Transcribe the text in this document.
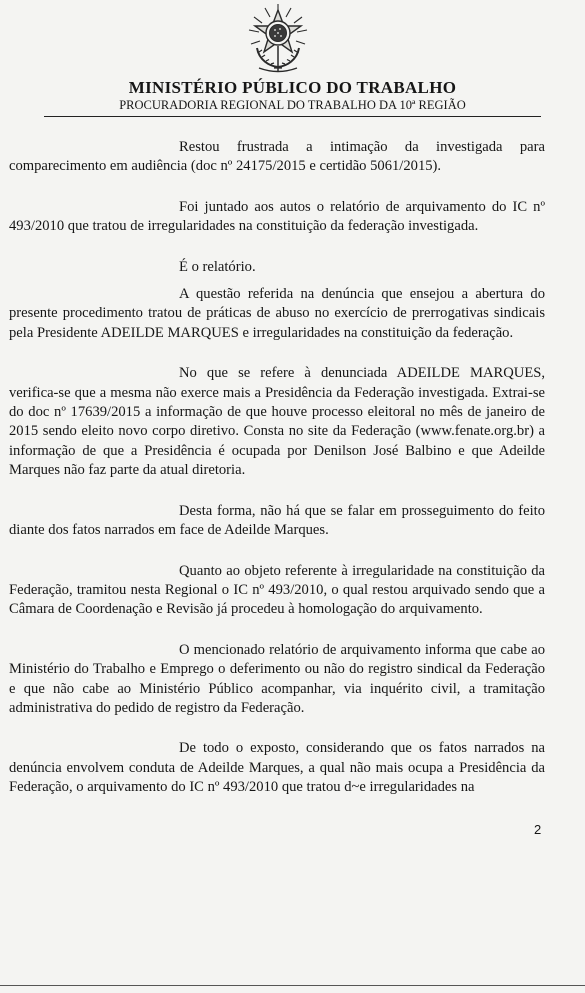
MINISTÉRIO PÚBLICO DO TRABALHO
PROCURADORIA REGIONAL DO TRABALHO DA 10ª REGIÃO

Restou frustrada a intimação da investigada para comparecimento em audiência (doc nº 24175/2015 e certidão 5061/2015).

Foi juntado aos autos o relatório de arquivamento do IC nº 493/2010 que tratou de irregularidades na constituição da federação investigada.

É o relatório.

A questão referida na denúncia que ensejou a abertura do presente procedimento tratou de práticas de abuso no exercício de prerrogativas sindicais pela Presidente ADEILDE MARQUES e irregularidades na constituição da federação.

No que se refere à denunciada ADEILDE MARQUES, verifica-se que a mesma não exerce mais a Presidência da Federação investigada. Extrai-se do doc nº 17639/2015 a informação de que houve processo eleitoral no mês de janeiro de 2015 sendo eleito novo corpo diretivo. Consta no site da Federação (www.fenate.org.br) a informação de que a Presidência é ocupada por Denilson José Balbino e que Adeilde Marques não faz parte da atual diretoria.

Desta forma, não há que se falar em prosseguimento do feito diante dos fatos narrados em face de Adeilde Marques.

Quanto ao objeto referente à irregularidade na constituição da Federação, tramitou nesta Regional o IC nº 493/2010, o qual restou arquivado sendo que a Câmara de Coordenação e Revisão já procedeu à homologação do arquivamento.

O mencionado relatório de arquivamento informa que cabe ao Ministério do Trabalho e Emprego o deferimento ou não do registro sindical da Federação e que não cabe ao Ministério Público acompanhar, via inquérito civil, a tramitação administrativa do pedido de registro da Federação.

De todo o exposto, considerando que os fatos narrados na denúncia envolvem conduta de Adeilde Marques, a qual não mais ocupa a Presidência da Federação, o arquivamento do IC nº 493/2010 que tratou d~e irregularidades na

2
